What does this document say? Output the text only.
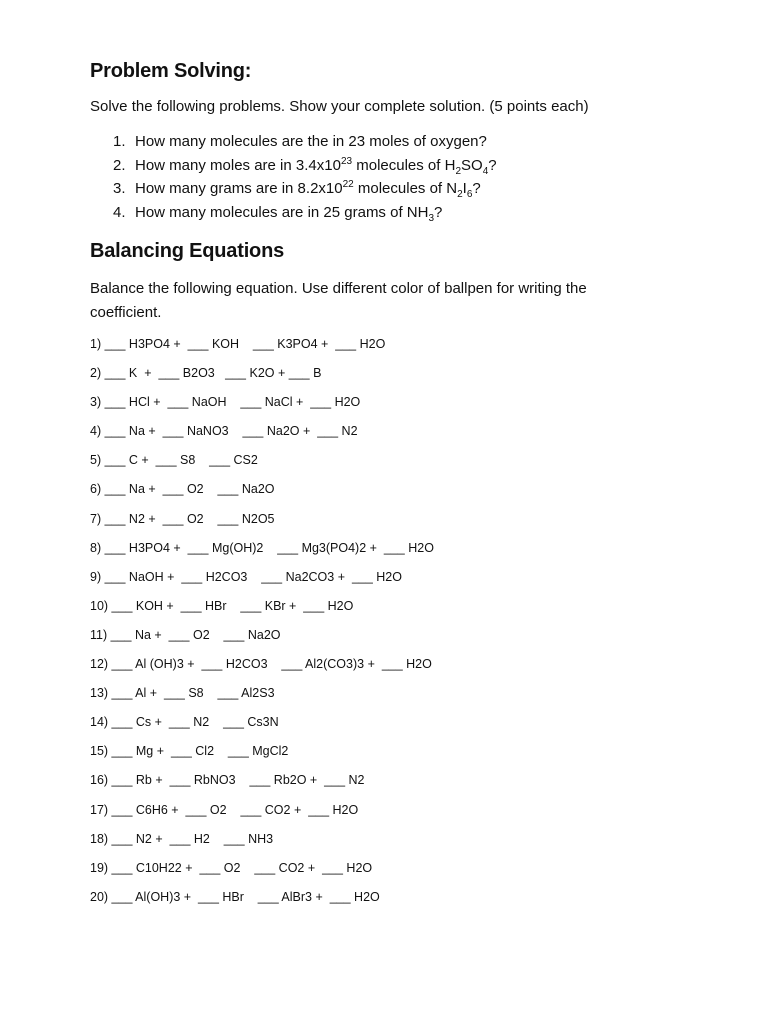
Problem Solving:

Solve the following problems. Show your complete solution. (5 points each)

1. How many molecules are the in 23 moles of oxygen?
2. How many moles are in $3.4x10^{23}$ molecules of $H_2SO_4$?
3. How many grams are in $8.2x10^{22}$ molecules of $N_2I_6$?
4. How many molecules are in 25 grams of $NH_3$?
Balancing Equations

Balance the following equation. Use different color of ballpen for writing the coefficient.

1) ___ H3PO4 +  ___ KOH    ___ K3PO4 +  ___ H2O
2) ___ K  +  ___ B2O3   ___ K2O + ___ B
3) ___ HCl +  ___ NaOH    ___ NaCl +  ___ H2O
4) ___ Na +  ___ NaNO3    ___ Na2O +  ___ N2
5) ___ C +  ___ S8    ___ CS2
6) ___ Na +  ___ O2    ___ Na2O
7) ___ N2 +  ___ O2    ___ N2O5
8) ___ H3PO4 +  ___ Mg(OH)2    ___ Mg3(PO4)2 +  ___ H2O
9) ___ NaOH +  ___ H2CO3    ___ Na2CO3 +  ___ H2O
10) ___ KOH +  ___ HBr    ___ KBr +  ___ H2O
11) ___ Na +  ___ O2    ___ Na2O
12) ___ Al (OH)3 +  ___ H2CO3    ___ Al2(CO3)3 +  ___ H2O
13) ___ Al +  ___ S8    ___ Al2S3
14) ___ Cs +  ___ N2    ___ Cs3N
15) ___ Mg +  ___ Cl2    ___ MgCl2
16) ___ Rb +  ___ RbNO3    ___ Rb2O +  ___ N2
17) ___ C6H6 +  ___ O2    ___ CO2 +  ___ H2O
18) ___ N2 +  ___ H2    ___ NH3
19) ___ C10H22 +  ___ O2    ___ CO2 +  ___ H2O
20) ___ Al(OH)3 +  ___ HBr    ___ AlBr3 +  ___ H2O
